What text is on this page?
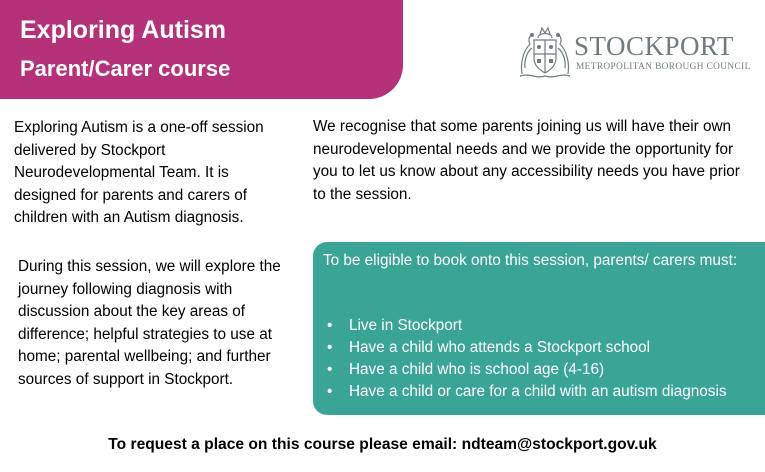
Exploring Autism
Parent/Carer course
STOCKPORT
METROPOLITAN BOROUGH COUNCIL

Exploring Autism is a one-off session delivered by Stockport Neurodevelopmental Team. It is designed for parents and carers of children with an Autism diagnosis.

We recognise that some parents joining us will have their own neurodevelopmental needs and we provide the opportunity for you to let us know about any accessibility needs you have prior to the session.

During this session, we will explore the journey following diagnosis with discussion about the key areas of difference; helpful strategies to use at home; parental wellbeing; and further sources of support in Stockport.

To be eligible to book onto this session, parents/ carers must:

• Live in Stockport
• Have a child who attends a Stockport school
• Have a child who is school age (4-16)
• Have a child or care for a child with an autism diagnosis
To request a place on this course please email: ndteam@stockport.gov.uk
